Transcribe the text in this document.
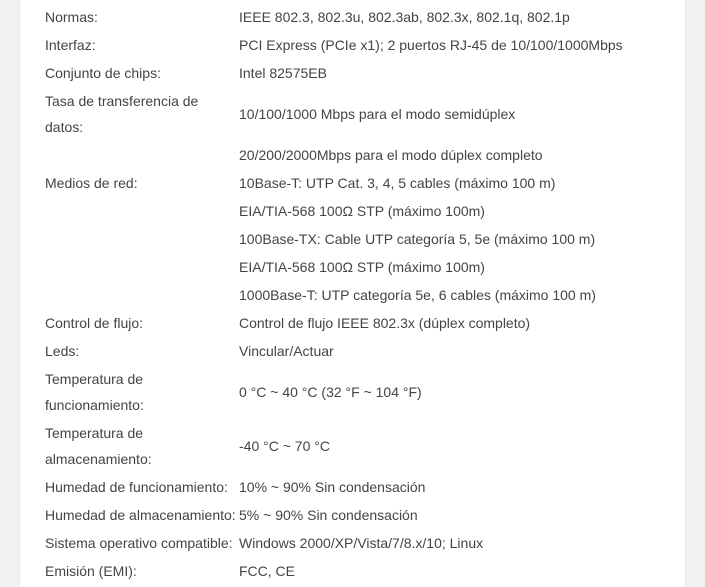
Normas:	IEEE 802.3, 802.3u, 802.3ab, 802.3x, 802.1q, 802.1p
Interfaz:	PCI Express (PCIe x1); 2 puertos RJ-45 de 10/100/1000Mbps
Conjunto de chips:	Intel 82575EB
Tasa de transferencia de datos:	10/100/1000 Mbps para el modo semidúplex
	20/200/2000Mbps para el modo dúplex completo
Medios de red:	10Base-T: UTP Cat. 3, 4, 5 cables (máximo 100 m)
	EIA/TIA-568 100Ω STP (máximo 100m)
	100Base-TX: Cable UTP categoría 5, 5e (máximo 100 m)
	EIA/TIA-568 100Ω STP (máximo 100m)
	1000Base-T: UTP categoría 5e, 6 cables (máximo 100 m)
Control de flujo:	Control de flujo IEEE 802.3x (dúplex completo)
Leds:	Vincular/Actuar
Temperatura de funcionamiento:	0 °C ~ 40 °C (32 °F ~ 104 °F)
Temperatura de almacenamiento:	-40 °C ~ 70 °C
Humedad de funcionamiento:	10% ~ 90% Sin condensación
Humedad de almacenamiento:	5% ~ 90% Sin condensación
Sistema operativo compatible:	Windows 2000/XP/Vista/7/8.x/10; Linux
Emisión (EMI):	FCC, CE
